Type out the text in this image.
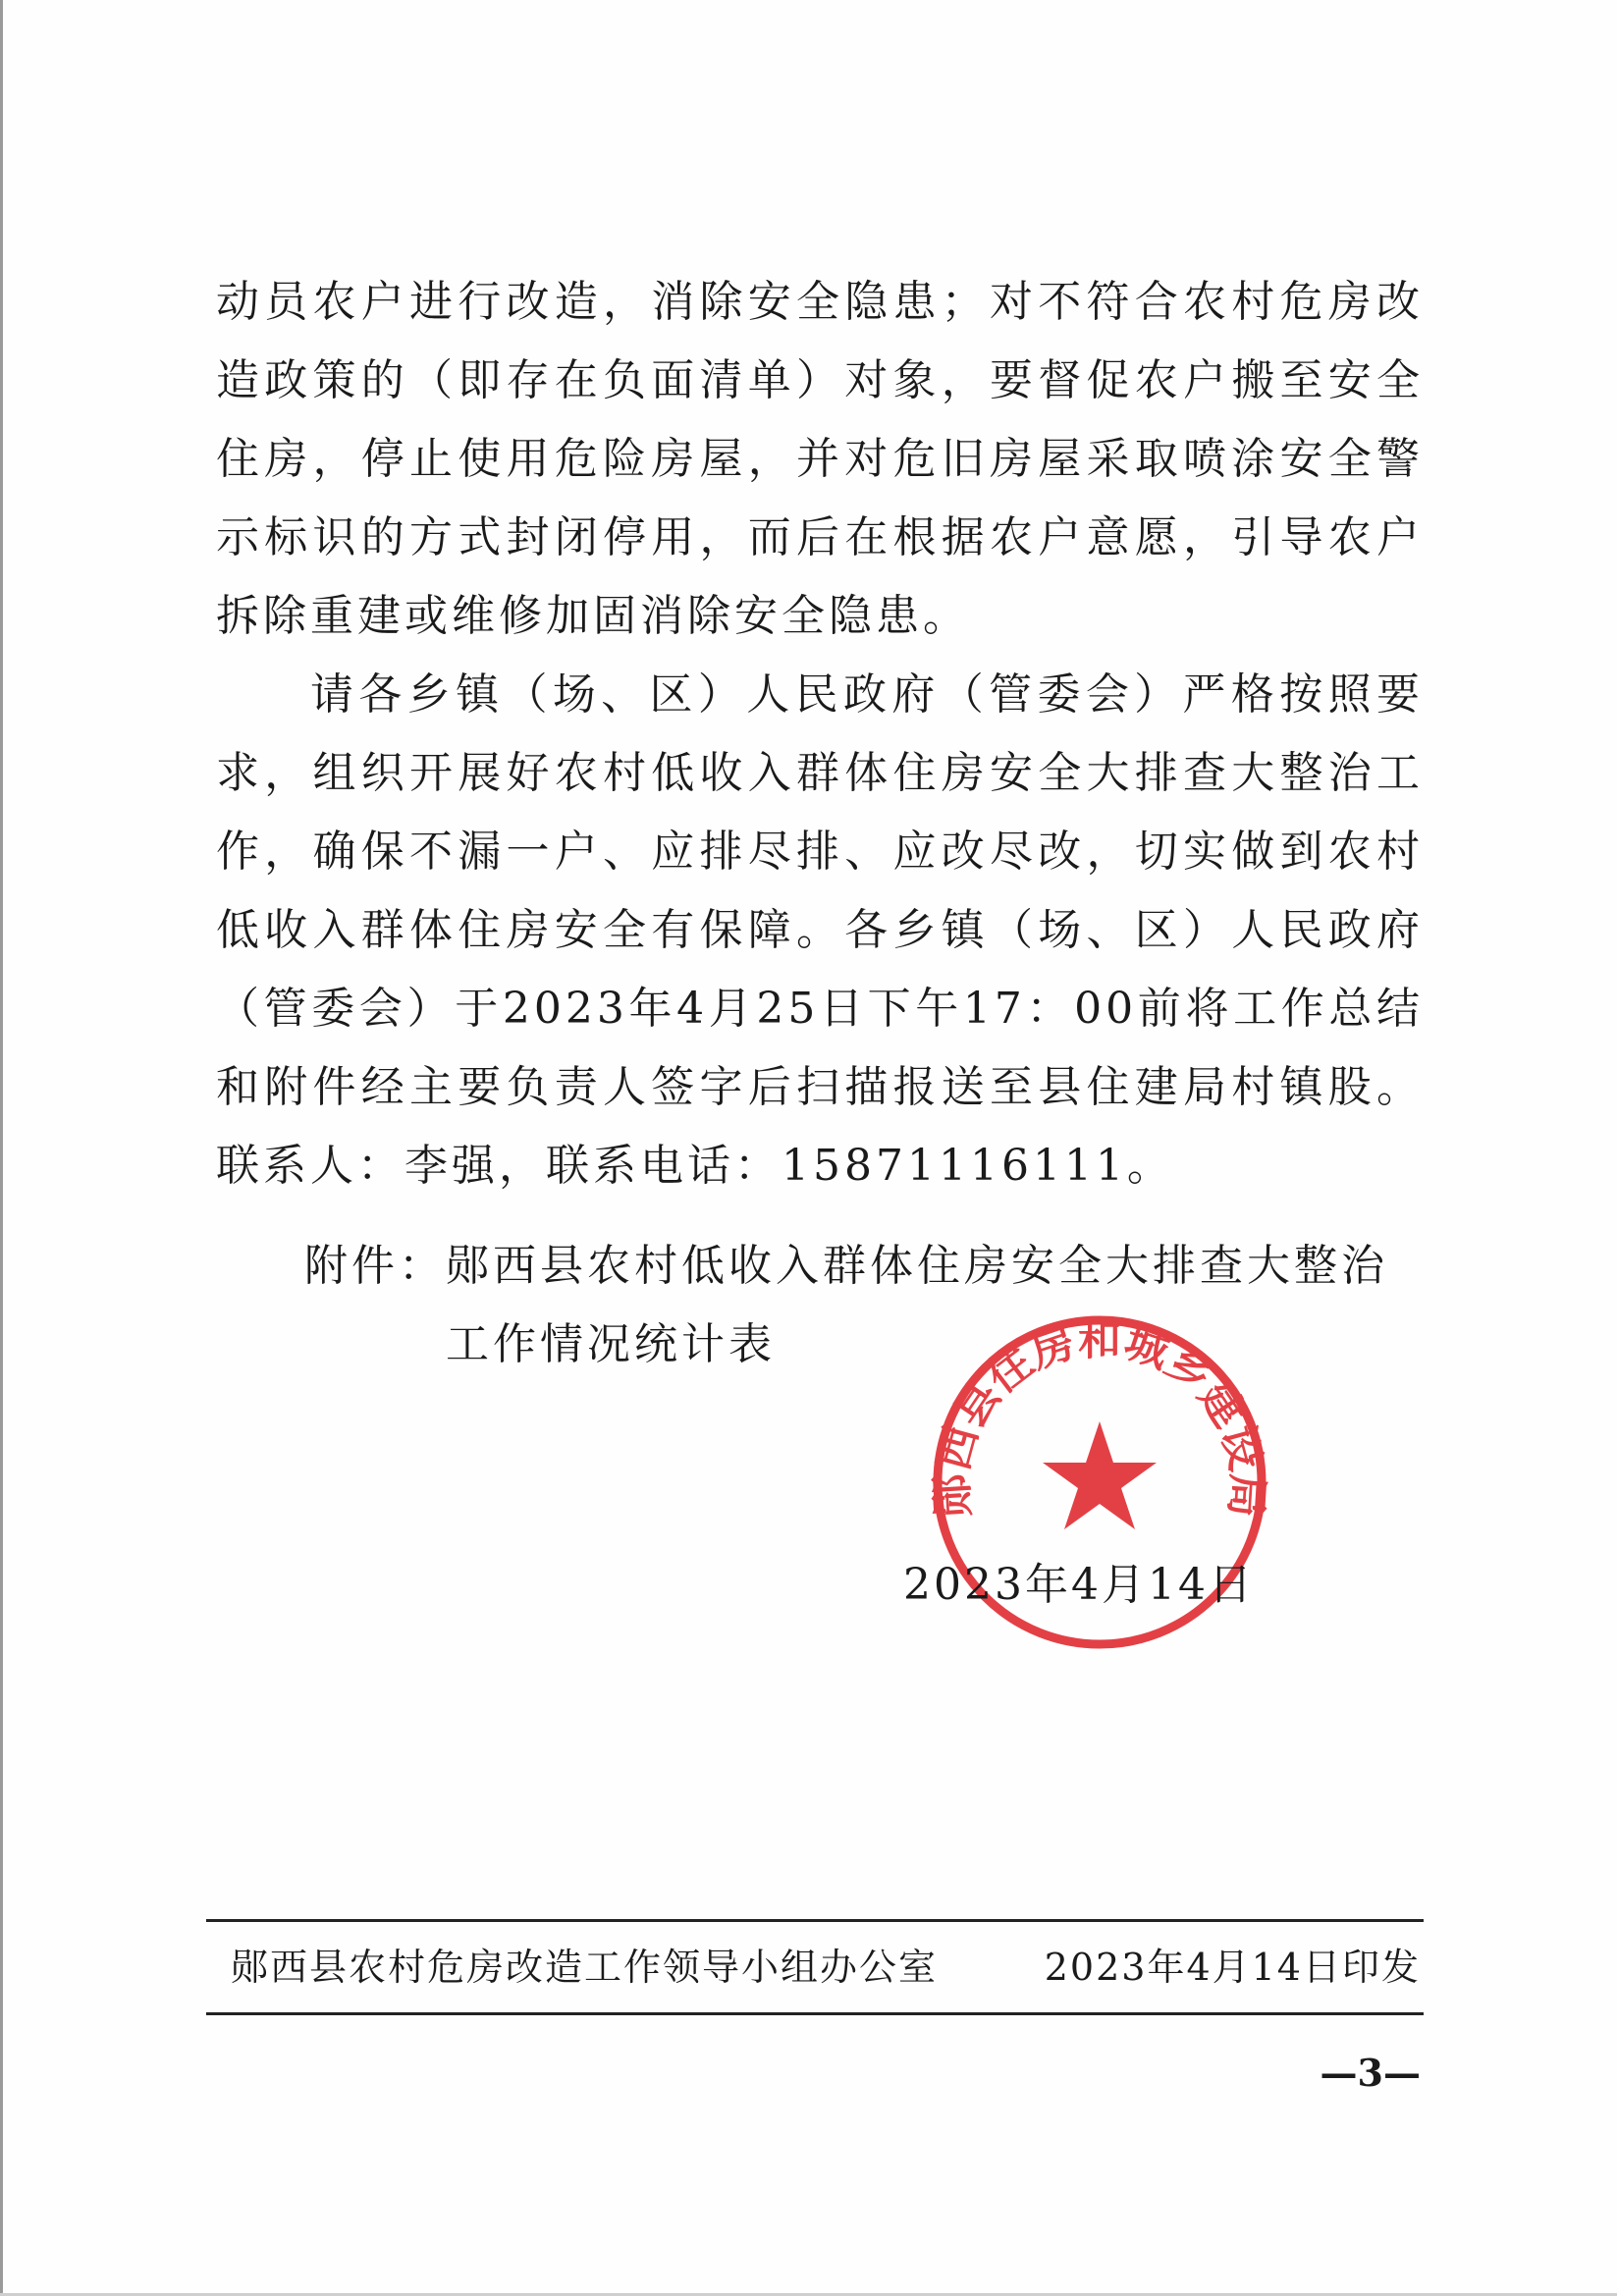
动员农户进行改造，消除安全隐患；对不符合农村危房改造政策的（即存在负面清单）对象，要督促农户搬至安全住房，停止使用危险房屋，并对危旧房屋采取喷涂安全警示标识的方式封闭停用，而后在根据农户意愿，引导农户拆除重建或维修加固消除安全隐患。

请各乡镇（场、区）人民政府（管委会）严格按照要求，组织开展好农村低收入群体住房安全大排查大整治工作，确保不漏一户、应排尽排、应改尽改，切实做到农村低收入群体住房安全有保障。各乡镇（场、区）人民政府（管委会）于2023年4月25日下午17：00前将工作总结和附件经主要负责人签字后扫描报送至县住建局村镇股。联系人：李强，联系电话：15871116111。

附件： 郧西县农村低收入群体住房安全大排查大整治工作情况统计表
郧西县住房和城乡建设局
2023年4月14日
郧西县农村危房改造工作领导小组办公室	2023年4月14日印发
—3—
